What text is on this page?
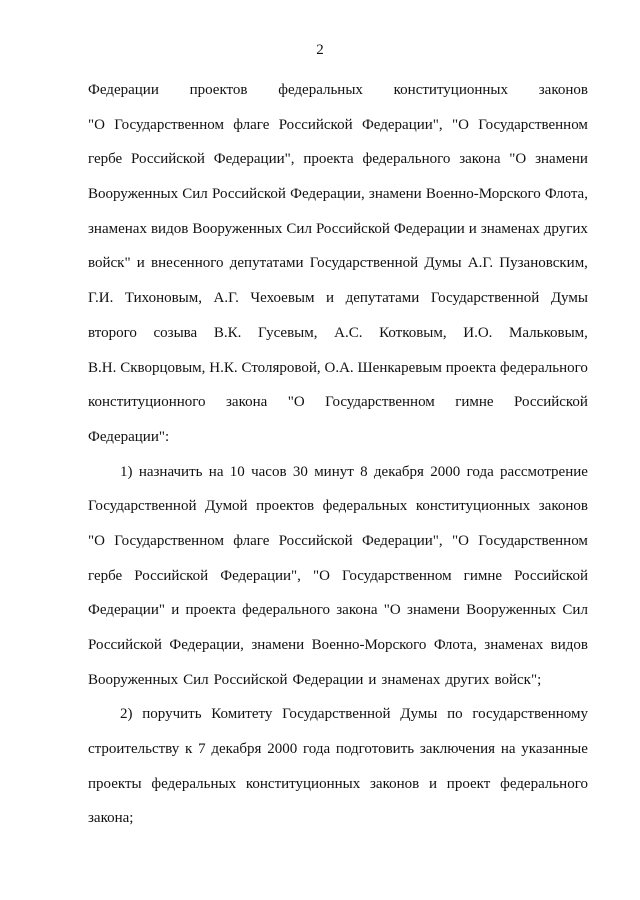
2
Федерации проектов федеральных конституционных законов
"О Государственном флаге Российской Федерации", "О Государственном
гербе Российской Федерации", проекта федерального закона "О знамени
Вооруженных Сил Российской Федерации, знамени Военно-Морского Флота,
знаменах видов Вооруженных Сил Российской Федерации и знаменах других
войск" и внесенного депутатами Государственной Думы А.Г. Пузановским,
Г.И. Тихоновым, А.Г. Чехоевым и депутатами Государственной Думы
второго созыва В.К. Гусевым, А.С. Котковым, И.О. Мальковым,
В.Н. Скворцовым, Н.К. Столяровой, О.А. Шенкаревым проекта федерального
конституционного закона "О Государственном гимне Российской
Федерации":
1) назначить на 10 часов 30 минут 8 декабря 2000 года рассмотрение
Государственной Думой проектов федеральных конституционных законов
"О Государственном флаге Российской Федерации", "О Государственном
гербе Российской Федерации", "О Государственном гимне Российской
Федерации" и проекта федерального закона "О знамени Вооруженных Сил
Российской Федерации, знамени Военно-Морского Флота, знаменах видов
Вооруженных Сил Российской Федерации и знаменах других войск";
2) поручить Комитету Государственной Думы по государственному
строительству к 7 декабря 2000 года подготовить заключения на указанные
проекты федеральных конституционных законов и проект федерального
закона;
